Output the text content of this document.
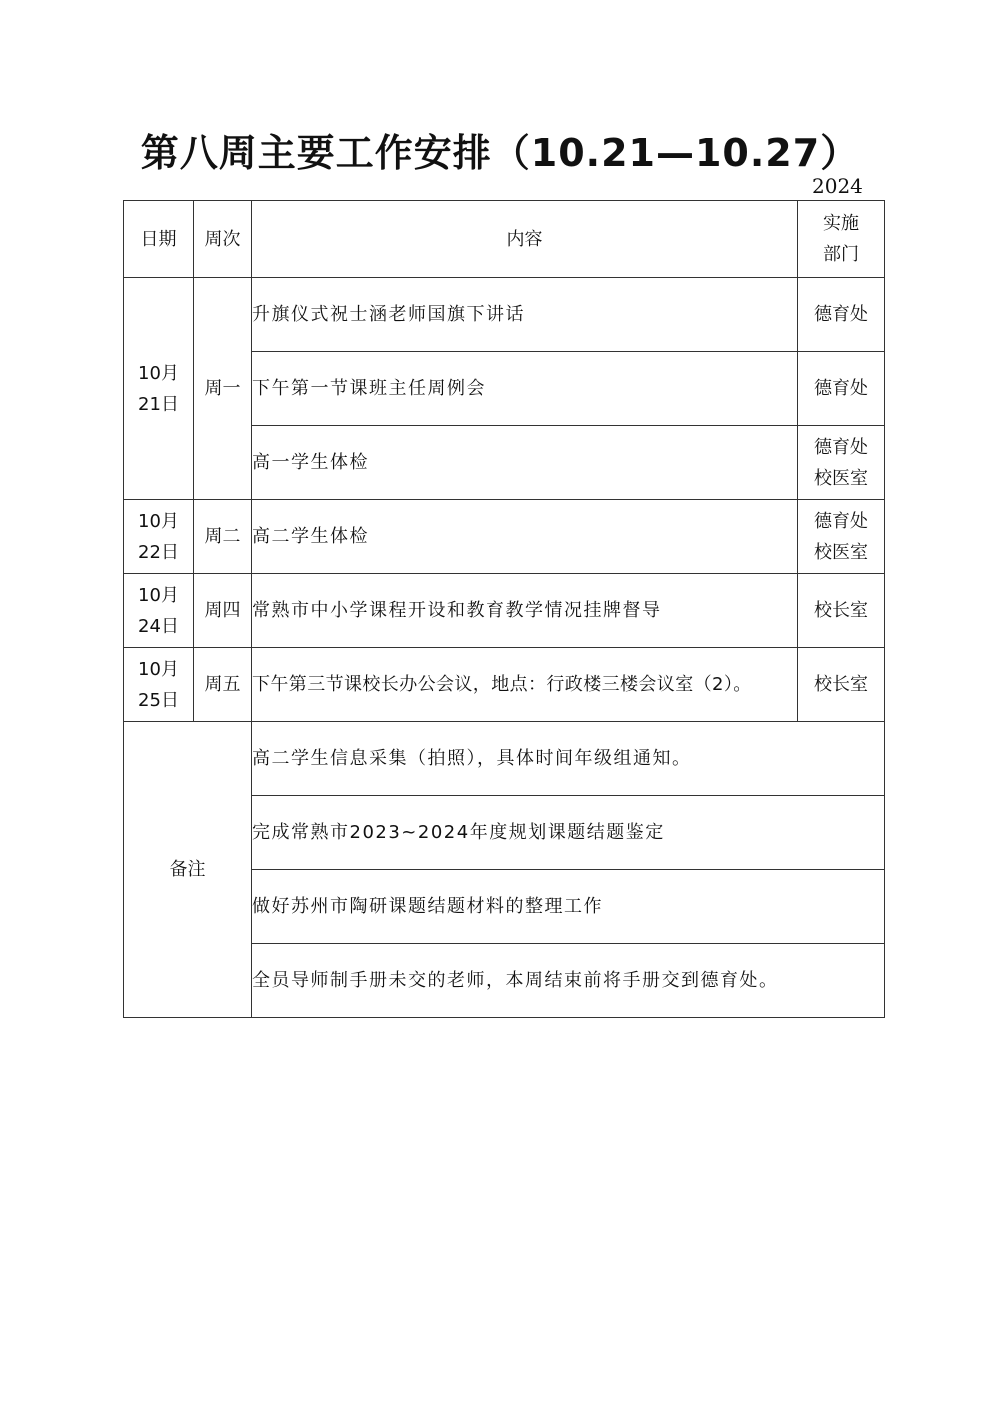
第八周主要工作安排（10.21—10.27）
2024
日期	周次	内容	实施
部门

10月
21日	周一	升旗仪式祝士涵老师国旗下讲话	德育处

		下午第一节课班主任周例会	德育处

		高一学生体检	德育处
校医室

10月
22日	周二	高二学生体检	德育处
校医室

10月
24日	周四	常熟市中小学课程开设和教育教学情况挂牌督导	校长室

10月
25日	周五	下午第三节课校长办公会议，地点：行政楼三楼会议室（2）。	校长室

备注		高二学生信息采集（拍照），具体时间年级组通知。	
		完成常熟市2023~2024年度规划课题结题鉴定	
		做好苏州市陶研课题结题材料的整理工作	
		全员导师制手册未交的老师，本周结束前将手册交到德育处。	
